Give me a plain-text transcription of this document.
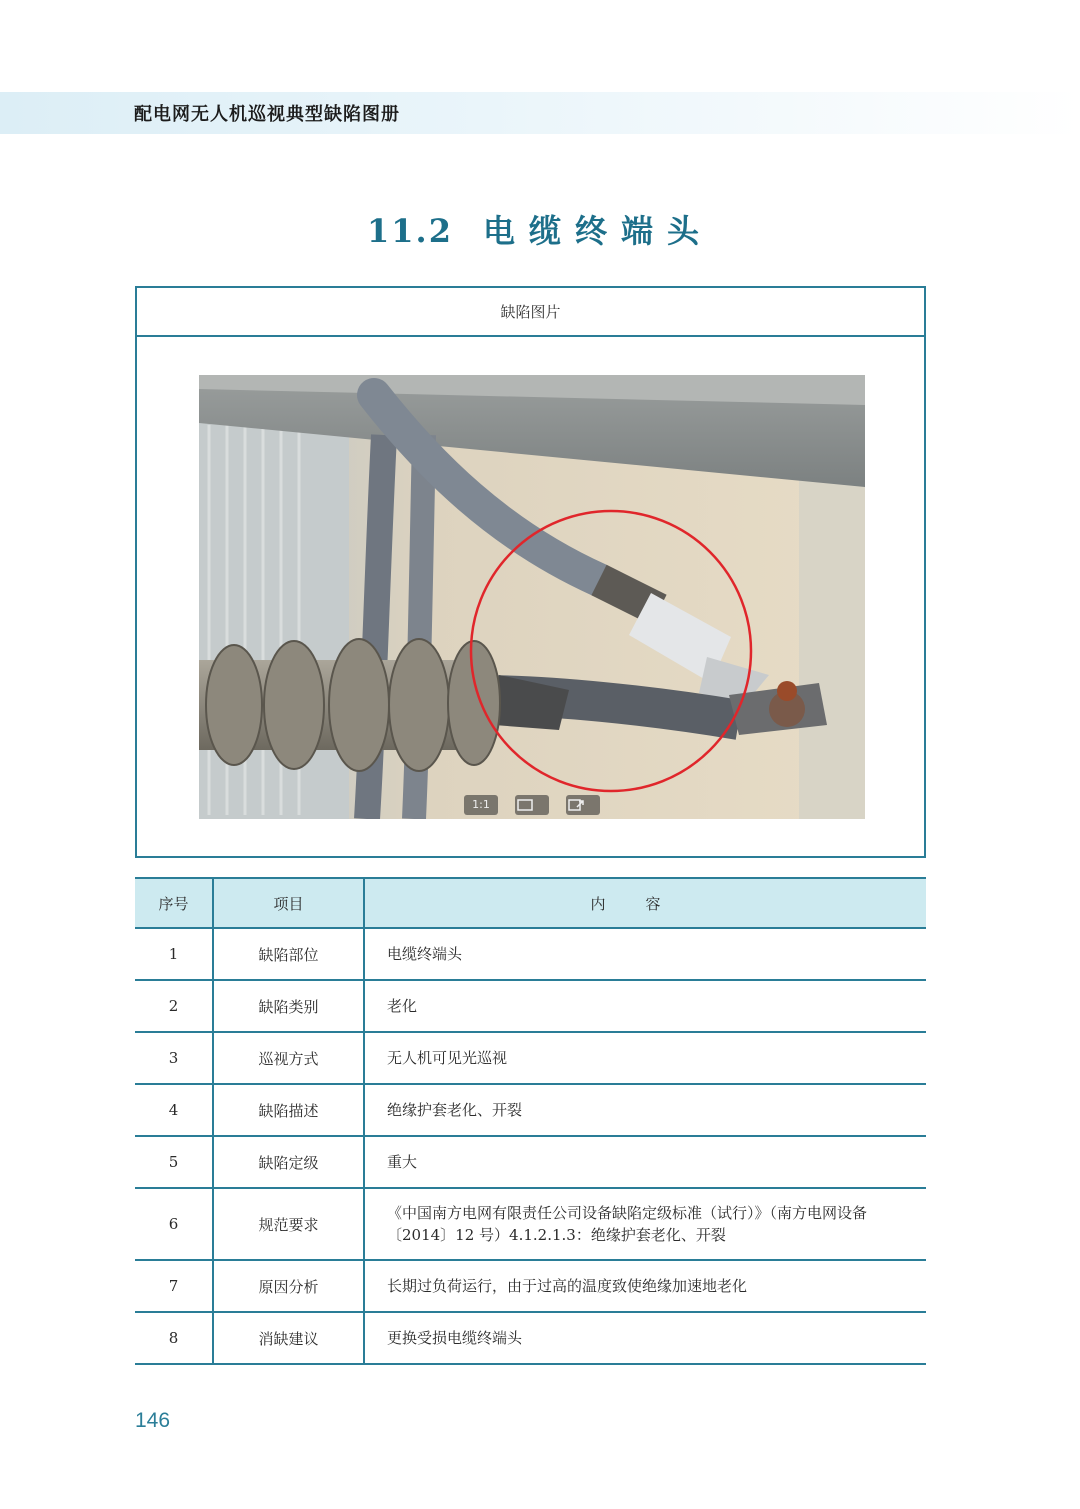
配电网无人机巡视典型缺陷图册
11.2 电缆终端头
缺陷图片
1:1
序号	项目	内容
1	缺陷部位	电缆终端头
2	缺陷类别	老化
3	巡视方式	无人机可见光巡视
4	缺陷描述	绝缘护套老化、开裂
5	缺陷定级	重大
6	规范要求	《中国南方电网有限责任公司设备缺陷定级标准（试行）》（南方电网设备〔2014〕12 号）4.1.2.1.3：绝缘护套老化、开裂
7	原因分析	长期过负荷运行，由于过高的温度致使绝缘加速地老化
8	消缺建议	更换受损电缆终端头
146
